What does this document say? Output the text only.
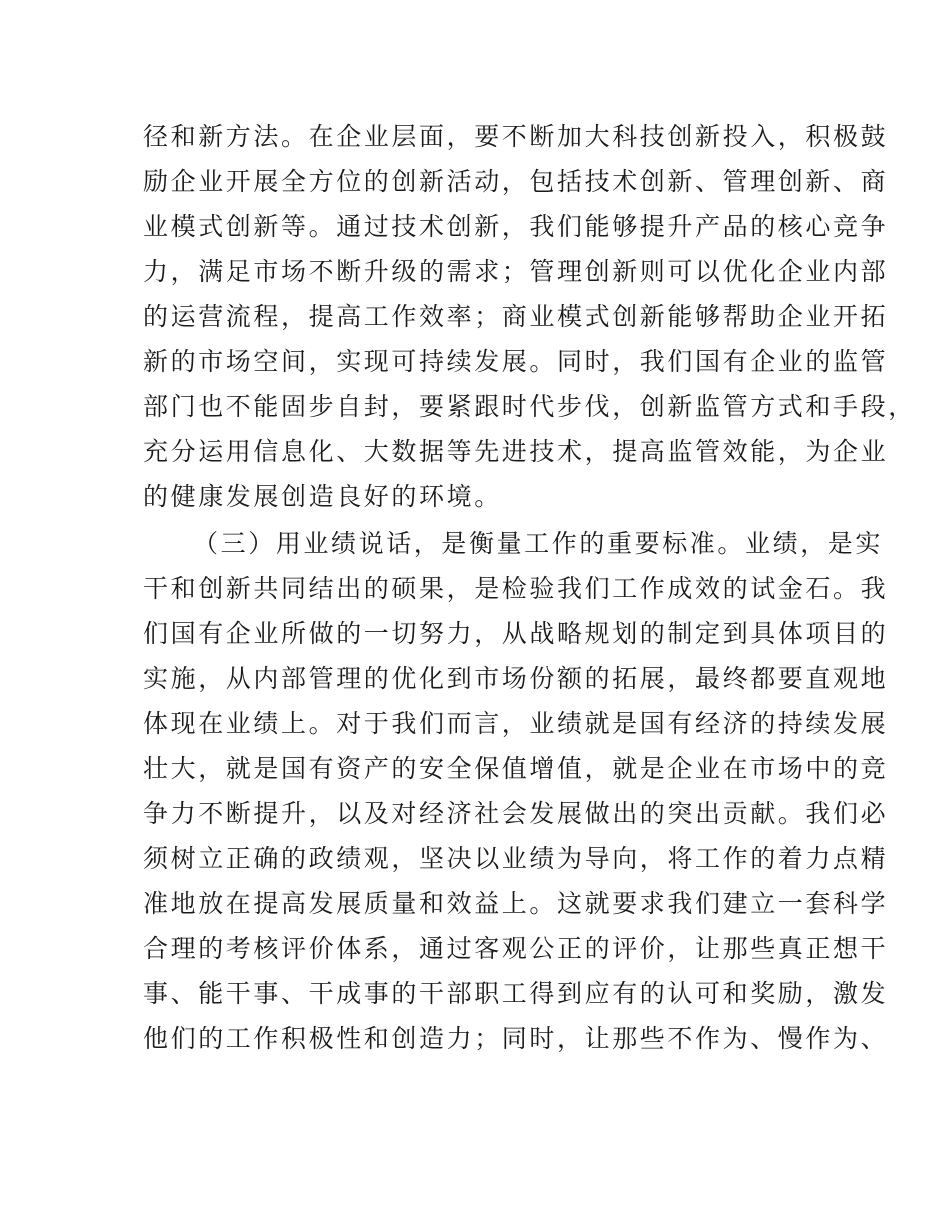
径和新方法。在企业层面，要不断加大科技创新投入，积极鼓
励企业开展全方位的创新活动，包括技术创新、管理创新、商
业模式创新等。通过技术创新，我们能够提升产品的核心竞争
力，满足市场不断升级的需求；管理创新则可以优化企业内部
的运营流程，提高工作效率；商业模式创新能够帮助企业开拓
新的市场空间，实现可持续发展。同时，我们国有企业的监管
部门也不能固步自封，要紧跟时代步伐，创新监管方式和手段，
充分运用信息化、大数据等先进技术，提高监管效能，为企业
的健康发展创造良好的环境。
（三）用业绩说话，是衡量工作的重要标准。业绩，是实
干和创新共同结出的硕果，是检验我们工作成效的试金石。我
们国有企业所做的一切努力，从战略规划的制定到具体项目的
实施，从内部管理的优化到市场份额的拓展，最终都要直观地
体现在业绩上。对于我们而言，业绩就是国有经济的持续发展
壮大，就是国有资产的安全保值增值，就是企业在市场中的竞
争力不断提升，以及对经济社会发展做出的突出贡献。我们必
须树立正确的政绩观，坚决以业绩为导向，将工作的着力点精
准地放在提高发展质量和效益上。这就要求我们建立一套科学
合理的考核评价体系，通过客观公正的评价，让那些真正想干
事、能干事、干成事的干部职工得到应有的认可和奖励，激发
他们的工作积极性和创造力；同时，让那些不作为、慢作为、
